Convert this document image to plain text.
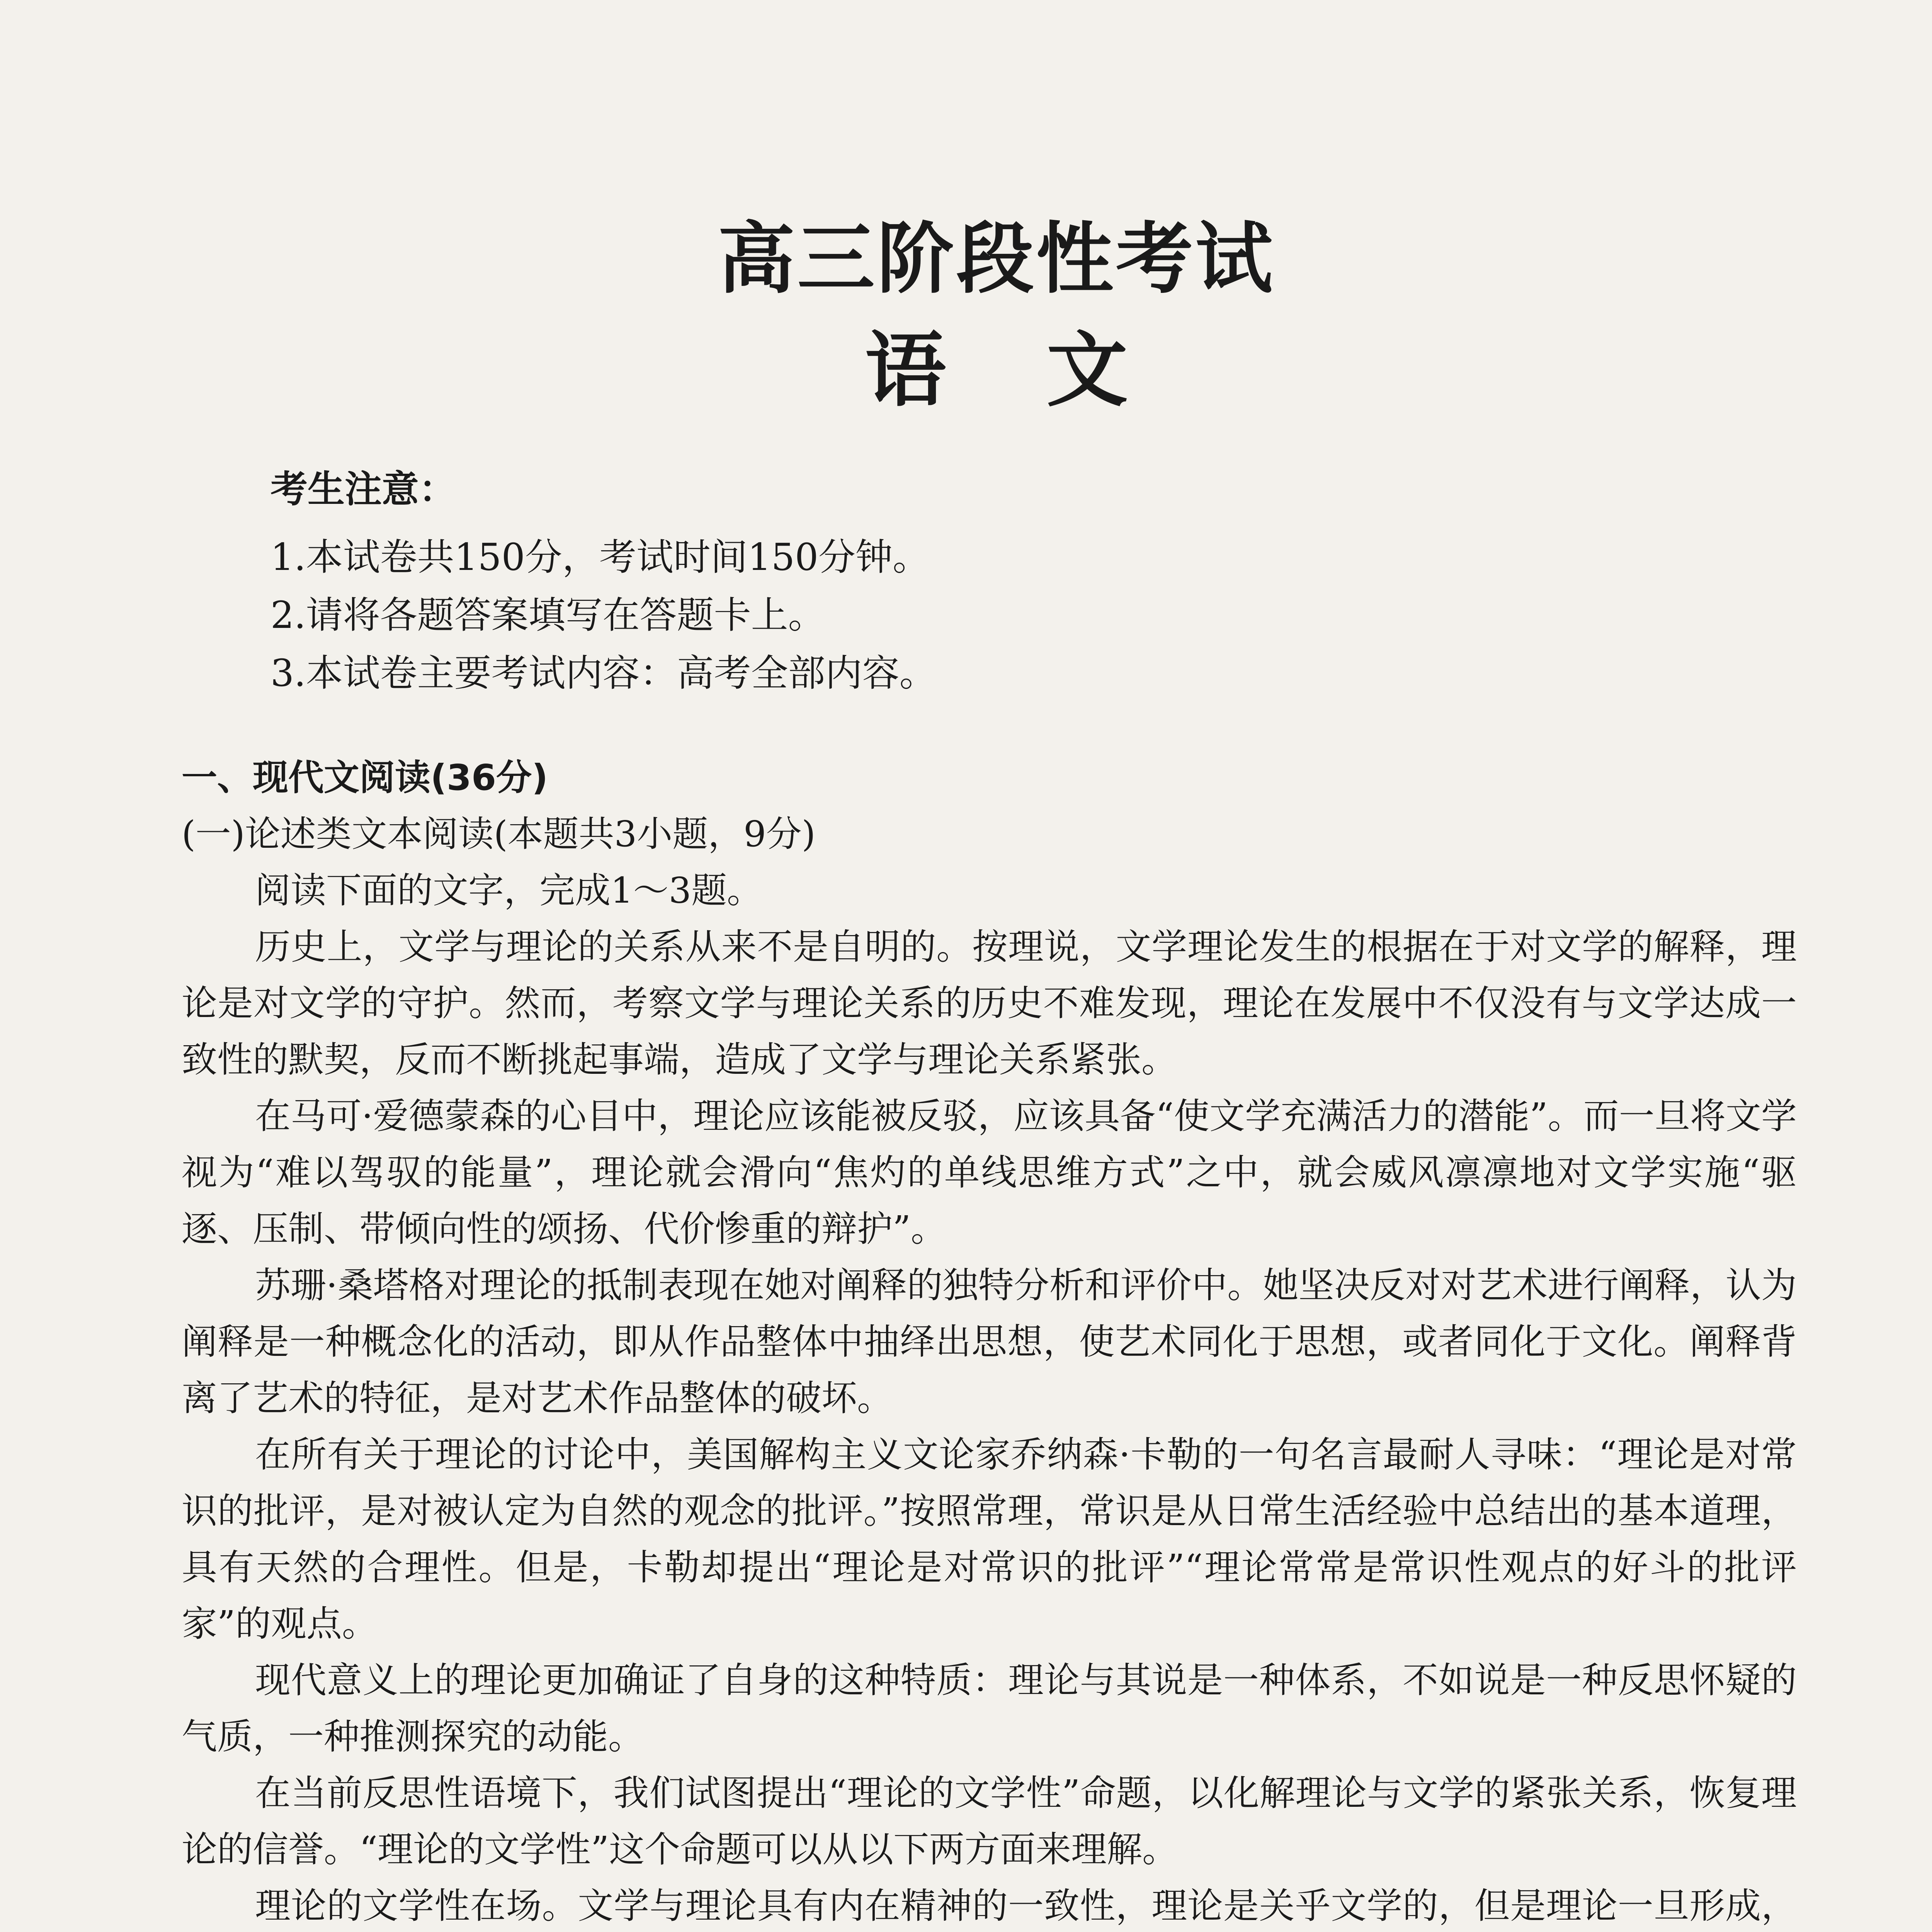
高三阶段性考试
语文
考生注意：
1.本试卷共150分，考试时间150分钟。
2.请将各题答案填写在答题卡上。
3.本试卷主要考试内容：高考全部内容。

一、现代文阅读(36分)

(一)论述类文本阅读(本题共3小题，9分)

阅读下面的文字，完成1～3题。

历史上，文学与理论的关系从来不是自明的。按理说，文学理论发生的根据在于对文学的解释，理论是对文学的守护。然而，考察文学与理论关系的历史不难发现，理论在发展中不仅没有与文学达成一致性的默契，反而不断挑起事端，造成了文学与理论关系紧张。

在马可·爱德蒙森的心目中，理论应该能被反驳，应该具备“使文学充满活力的潜能”。而一旦将文学视为“难以驾驭的能量”，理论就会滑向“焦灼的单线思维方式”之中，就会威风凛凛地对文学实施“驱逐、压制、带倾向性的颂扬、代价惨重的辩护”。

苏珊·桑塔格对理论的抵制表现在她对阐释的独特分析和评价中。她坚决反对对艺术进行阐释，认为阐释是一种概念化的活动，即从作品整体中抽绎出思想，使艺术同化于思想，或者同化于文化。阐释背离了艺术的特征，是对艺术作品整体的破坏。

在所有关于理论的讨论中，美国解构主义文论家乔纳森·卡勒的一句名言最耐人寻味：“理论是对常识的批评，是对被认定为自然的观念的批评。”按照常理，常识是从日常生活经验中总结出的基本道理，具有天然的合理性。但是，卡勒却提出“理论是对常识的批评”“理论常常是常识性观点的好斗的批评家”的观点。

现代意义上的理论更加确证了自身的这种特质：理论与其说是一种体系，不如说是一种反思怀疑的气质，一种推测探究的动能。

在当前反思性语境下，我们试图提出“理论的文学性”命题，以化解理论与文学的紧张关系，恢复理论的信誉。“理论的文学性”这个命题可以从以下两方面来理解。

理论的文学性在场。文学与理论具有内在精神的一致性，理论是关乎文学的，但是理论一旦形成，
